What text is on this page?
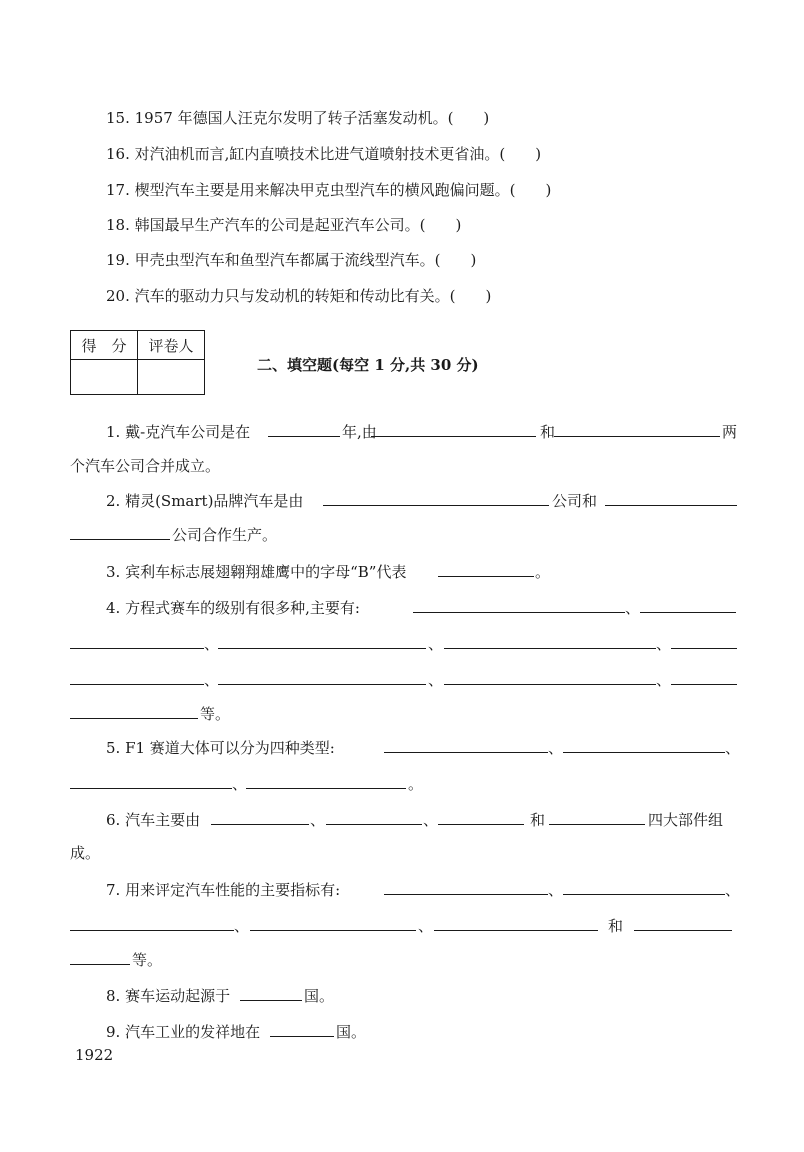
15. 1957 年德国人汪克尔发明了转子活塞发动机。(　　)
16. 对汽油机而言,缸内直喷技术比进气道喷射技术更省油。(　　)
17. 楔型汽车主要是用来解决甲克虫型汽车的横风跑偏问题。(　　)
18. 韩国最早生产汽车的公司是起亚汽车公司。(　　)
19. 甲壳虫型汽车和鱼型汽车都属于流线型汽车。(　　)
20. 汽车的驱动力只与发动机的转矩和传动比有关。(　　)
得　分	评卷人

二、填空题(每空 1 分,共 30 分)
1. 戴-克汽车公司是在	年,由	和	两
个汽车公司合并成立。
2. 精灵(Smart)品牌汽车是由	公司和
公司合作生产。
3. 宾利车标志展翅翱翔雄鹰中的字母“B”代表	。
4. 方程式赛车的级别有很多种,主要有:	、
、	、	、
、	、	、
等。
5. F1 赛道大体可以分为四种类型:	、	、
、	。
6. 汽车主要由	、	、	和	四大部件组
成。
7. 用来评定汽车性能的主要指标有:	、	、
、	、	和
等。
8. 赛车运动起源于	国。
9. 汽车工业的发祥地在	国。
1922
